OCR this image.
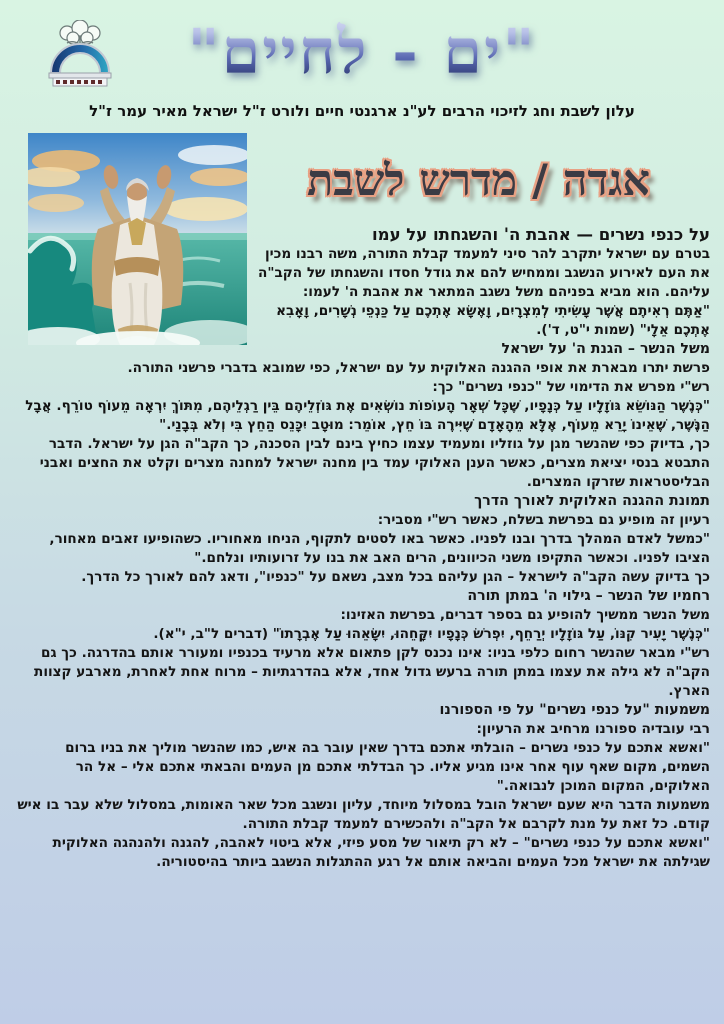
"ים - לחיים"
עלון לשבת וחג לזיכוי הרבים לע"נ ארגנטי חיים ולורט ז"ל ישראל מאיר עמר ז"ל
אגדה / מדרש לשבת

על כנפי נשרים — אהבת ה' והשגחתו על עמו

בטרם עם ישראל יתקרב להר סיני למעמד קבלת התורה, משה רבנו מכין את העם לאירוע הנשגב וממחיש להם את גודל חסדו והשגחתו של הקב"ה עליהם. הוא מביא בפניהם משל נשגב המתאר את אהבת ה' לעמו:

"אַתֶּם רְאִיתֶם אֲשֶׁר עָשִׂיתִי לְמִצְרָיִם, וָאֶשָּׂא אֶתְכֶם עַל כַּנְפֵי נְשָׁרִים, וָאָבִא אֶתְכֶם אֵלָי" (שמות י"ט, ד').

משל הנשר – הגנת ה' על ישראל

פרשת יתרו מבארת את אופי ההגנה האלוקית על עם ישראל, כפי שמובא בדברי פרשני התורה.

רש"י מפרש את הדימוי של "כנפי נשרים" כך:

"כְּנֶשֶׁר הַנּוֹשֵׂא גּוֹזָלָיו עַל כְּנָפָיו, שֶׁכָּל שְׁאָר הָעוֹפוֹת נוֹשְׂאִים אֶת גּוֹזְלֵיהֶם בֵּין רַגְלֵיהֶם, מִתּוֹךְ יִרְאָה מֵעוֹף טוֹרֵף. אֲבָל הַנֶּשֶׁר, שֶׁאֵינוֹ יָרֵא מֵעוֹף, אֶלָּא מֵהָאָדָם שֶׁיִּירֶה בּוֹ חֵץ, אוֹמֵר: מוּטָב יִכָּנֵס הַחֵץ בִּי וְלֹא בְּבָנַי."

כך, בדיוק כפי שהנשר מגן על גוזליו ומעמיד עצמו כחיץ בינם לבין הסכנה, כך הקב"ה הגן על ישראל. הדבר התבטא בנסי יציאת מצרים, כאשר הענן האלוקי עמד בין מחנה ישראל למחנה מצרים וקלט את החצים ואבני הבליסטראות שזרקו המצרים.

תמונת ההגנה האלוקית לאורך הדרך

רעיון זה מופיע גם בפרשת בשלח, כאשר רש"י מסביר:

"כמשל לאדם המהלך בדרך ובנו לפניו. כאשר באו לסטים לתקוף, הניחו מאחוריו. כשהופיעו זאבים מאחור, הציבו לפניו. וכאשר התקיפו משני הכיוונים, הרים האב את בנו על זרועותיו ונלחם."

כך בדיוק עשה הקב"ה לישראל – הגן עליהם בכל מצב, נשאם על "כנפיו", ודאג להם לאורך כל הדרך.

רחמיו של הנשר – גילוי ה' במתן תורה

משל הנשר ממשיך להופיע גם בספר דברים, בפרשת האזינו:

"כְּנֶשֶׁר יָעִיר קִנּוֹ, עַל גּוֹזָלָיו יְרַחֵף, יִפְרֹשׂ כְּנָפָיו יִקָּחֵהוּ, יִשָּׂאֵהוּ עַל אֶבְרָתוֹ" (דברים ל"ב, י"א).

רש"י מבאר שהנשר רחום כלפי בניו: אינו נכנס לקן פתאום אלא מרעיד בכנפיו ומעורר אותם בהדרגה. כך גם הקב"ה לא גילה את עצמו במתן תורה ברעש גדול אחד, אלא בהדרגתיות – מרוח אחת לאחרת, מארבע קצוות הארץ.

משמעות "על כנפי נשרים" על פי הספורנו

רבי עובדיה ספורנו מרחיב את הרעיון:

"ואשא אתכם על כנפי נשרים – הובלתי אתכם בדרך שאין עובר בה איש, כמו שהנשר מוליך את בניו ברום השמים, מקום שאף עוף אחר אינו מגיע אליו. כך הבדלתי אתכם מן העמים והבאתי אתכם אלי – אל הר האלוקים, המקום המוכן לנבואה."

משמעות הדבר היא שעם ישראל הובל במסלול מיוחד, עליון ונשגב מכל שאר האומות, במסלול שלא עבר בו איש קודם. כל זאת על מנת לקרבם אל הקב"ה ולהכשירם למעמד קבלת התורה.

"ואשא אתכם על כנפי נשרים" – לא רק תיאור של מסע פיזי, אלא ביטוי לאהבה, להגנה ולהנהגה האלוקית שגילתה את ישראל מכל העמים והביאה אותם אל רגע ההתגלות הנשגב ביותר בהיסטוריה.
